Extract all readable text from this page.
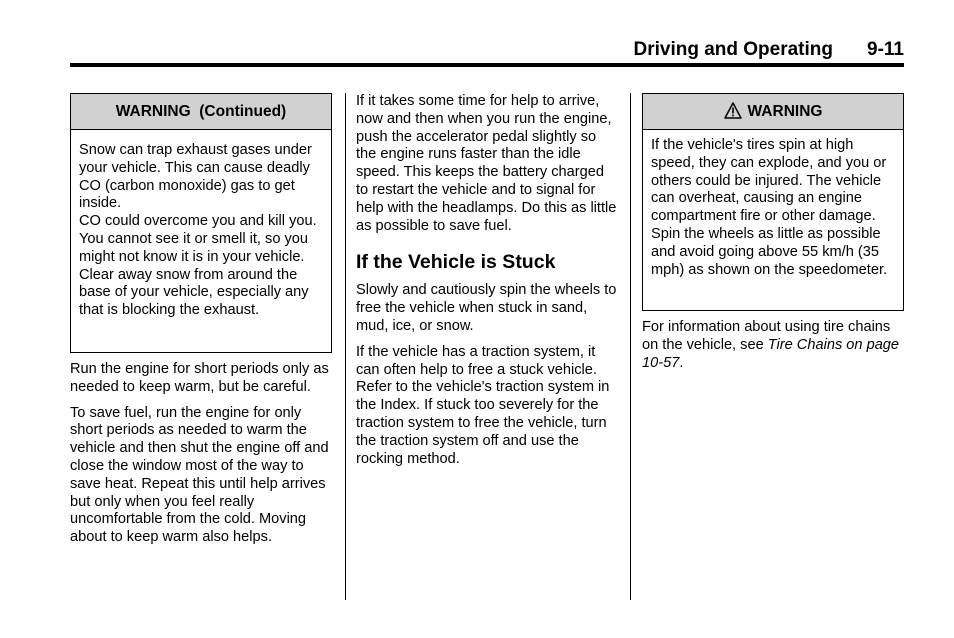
Driving and Operating 9-11
WARNING  (Continued)

Snow can trap exhaust gases under your vehicle. This can cause deadly CO (carbon monoxide) gas to get inside.

CO could overcome you and kill you. You cannot see it or smell it, so you might not know it is in your vehicle. Clear away snow from around the base of your vehicle, especially any that is blocking the exhaust.

Run the engine for short periods only as needed to keep warm, but be careful.

To save fuel, run the engine for only short periods as needed to warm the vehicle and then shut the engine off and close the window most of the way to save heat. Repeat this until help arrives but only when you feel really uncomfortable from the cold. Moving about to keep warm also helps.

If it takes some time for help to arrive, now and then when you run the engine, push the accelerator pedal slightly so the engine runs faster than the idle speed. This keeps the battery charged to restart the vehicle and to signal for help with the headlamps. Do this as little as possible to save fuel.

If the Vehicle is Stuck

Slowly and cautiously spin the wheels to free the vehicle when stuck in sand, mud, ice, or snow.

If the vehicle has a traction system, it can often help to free a stuck vehicle. Refer to the vehicle's traction system in the Index. If stuck too severely for the traction system to free the vehicle, turn the traction system off and use the rocking method.

WARNING

If the vehicle's tires spin at high speed, they can explode, and you or others could be injured. The vehicle can overheat, causing an engine compartment fire or other damage. Spin the wheels as little as possible and avoid going above 55 km/h (35 mph) as shown on the speedometer.

For information about using tire chains on the vehicle, see Tire Chains on page 10-57.
